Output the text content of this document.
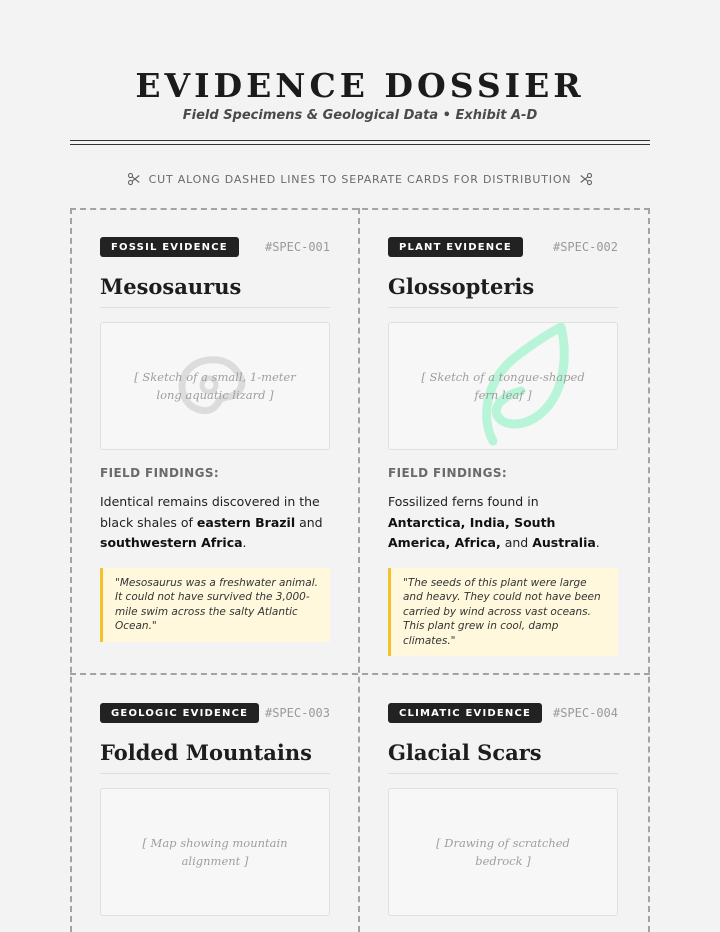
EVIDENCE DOSSIER
Field Specimens & Geological Data • Exhibit A-D
CUT ALONG DASHED LINES TO SEPARATE CARDS FOR DISTRIBUTION
FOSSIL EVIDENCE	#SPEC-001
Mesosaurus
[ Sketch of a small, 1-meter long aquatic lizard ]
FIELD FINDINGS:
Identical remains discovered in the black shales of eastern Brazil and southwestern Africa.
"Mesosaurus was a freshwater animal. It could not have survived the 3,000-mile swim across the salty Atlantic Ocean."
PLANT EVIDENCE	#SPEC-002
Glossopteris
[ Sketch of a tongue-shaped fern leaf ]
FIELD FINDINGS:
Fossilized ferns found in Antarctica, India, South America, Africa, and Australia.
"The seeds of this plant were large and heavy. They could not have been carried by wind across vast oceans. This plant grew in cool, damp climates."
GEOLOGIC EVIDENCE	#SPEC-003
Folded Mountains
[ Map showing mountain alignment ]
CLIMATIC EVIDENCE	#SPEC-004
Glacial Scars
[ Drawing of scratched bedrock ]
